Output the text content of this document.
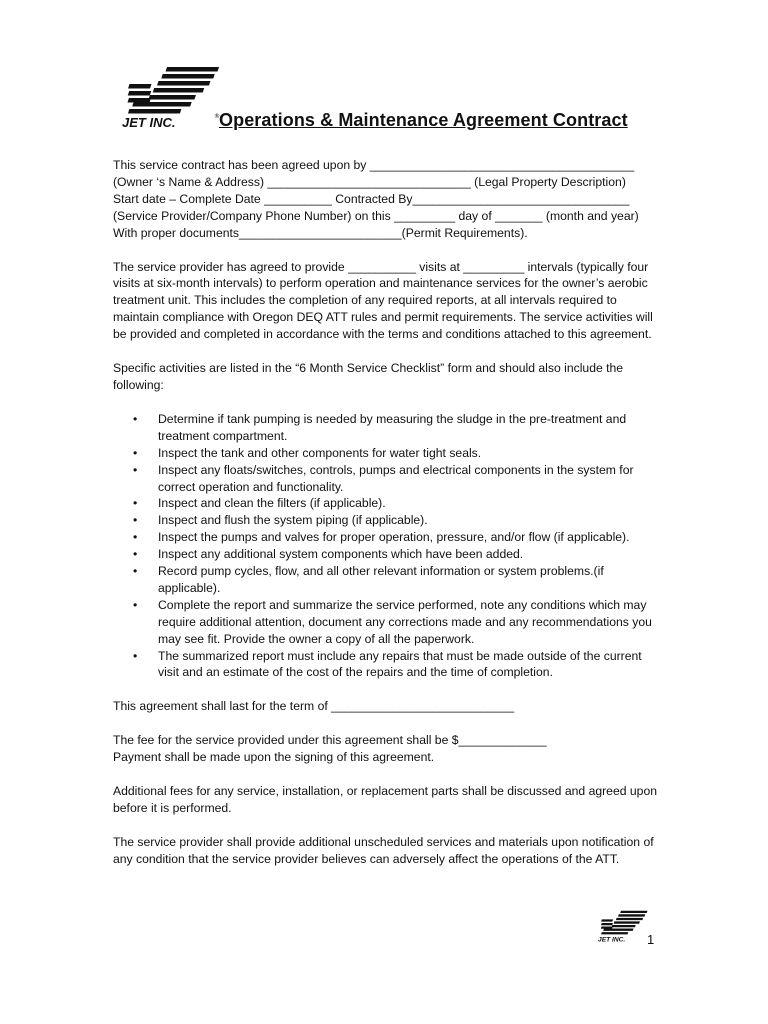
JET INC.	® Operations & Maintenance Agreement Contract

This service contract has been agreed upon by _______________________________________

(Owner ‘s Name & Address) ______________________________ (Legal Property Description)

Start date – Complete Date __________ Contracted By________________________________

(Service Provider/Company Phone Number) on this _________ day of _______ (month and year)

With proper documents________________________(Permit Requirements).

The service provider has agreed to provide __________ visits at _________ intervals (typically four visits at six-month intervals) to perform operation and maintenance services for the owner’s aerobic treatment unit. This includes the completion of any required reports, at all intervals required to maintain compliance with Oregon DEQ ATT rules and permit requirements. The service activities will be provided and completed in accordance with the terms and conditions attached to this agreement.

Specific activities are listed in the “6 Month Service Checklist” form and should also include the following:

• Determine if tank pumping is needed by measuring the sludge in the pre-treatment and treatment compartment.
• Inspect the tank and other components for water tight seals.
• Inspect any floats/switches, controls, pumps and electrical components in the system for correct operation and functionality.
• Inspect and clean the filters (if applicable).
• Inspect and flush the system piping (if applicable).
• Inspect the pumps and valves for proper operation, pressure, and/or flow (if applicable).
• Inspect any additional system components which have been added.
• Record pump cycles, flow, and all other relevant information or system problems.(if applicable).
• Complete the report and summarize the service performed, note any conditions which may require additional attention, document any corrections made and any recommendations you may see fit. Provide the owner a copy of all the paperwork.
• The summarized report must include any repairs that must be made outside of the current visit and an estimate of the cost of the repairs and the time of completion.

This agreement shall last for the term of ___________________________

The fee for the service provided under this agreement shall be $_____________

Payment shall be made upon the signing of this agreement.

Additional fees for any service, installation, or replacement parts shall be discussed and agreed upon before it is performed.

The service provider shall provide additional unscheduled services and materials upon notification of any condition that the service provider believes can adversely affect the operations of the ATT.

JET INC. 1
